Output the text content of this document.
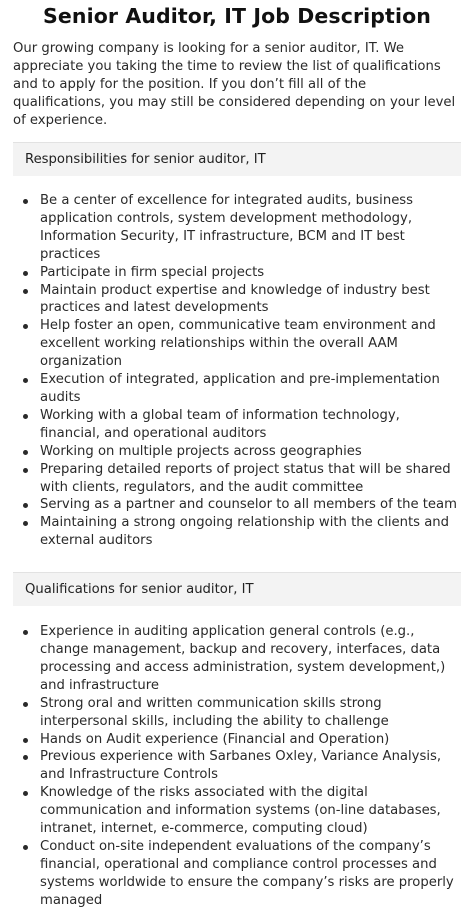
Senior Auditor, IT Job Description

Our growing company is looking for a senior auditor, IT. We appreciate you taking the time to review the list of qualifications and to apply for the position. If you don’t fill all of the qualifications, you may still be considered depending on your level of experience.

Responsibilities for senior auditor, IT
Be a center of excellence for integrated audits, business application controls, system development methodology, Information Security, IT infrastructure, BCM and IT best practices
Participate in firm special projects
Maintain product expertise and knowledge of industry best practices and latest developments
Help foster an open, communicative team environment and excellent working relationships within the overall AAM organization
Execution of integrated, application and pre-implementation audits
Working with a global team of information technology, financial, and operational auditors
Working on multiple projects across geographies
Preparing detailed reports of project status that will be shared with clients, regulators, and the audit committee
Serving as a partner and counselor to all members of the team
Maintaining a strong ongoing relationship with the clients and external auditors
Qualifications for senior auditor, IT
Experience in auditing application general controls (e.g., change management, backup and recovery, interfaces, data processing and access administration, system development,) and infrastructure
Strong oral and written communication skills strong interpersonal skills, including the ability to challenge
Hands on Audit experience (Financial and Operation)
Previous experience with Sarbanes Oxley, Variance Analysis, and Infrastructure Controls
Knowledge of the risks associated with the digital communication and information systems (on-line databases, intranet, internet, e-commerce, computing cloud)
Conduct on-site independent evaluations of the company’s financial, operational and compliance control processes and systems worldwide to ensure the company’s risks are properly managed
